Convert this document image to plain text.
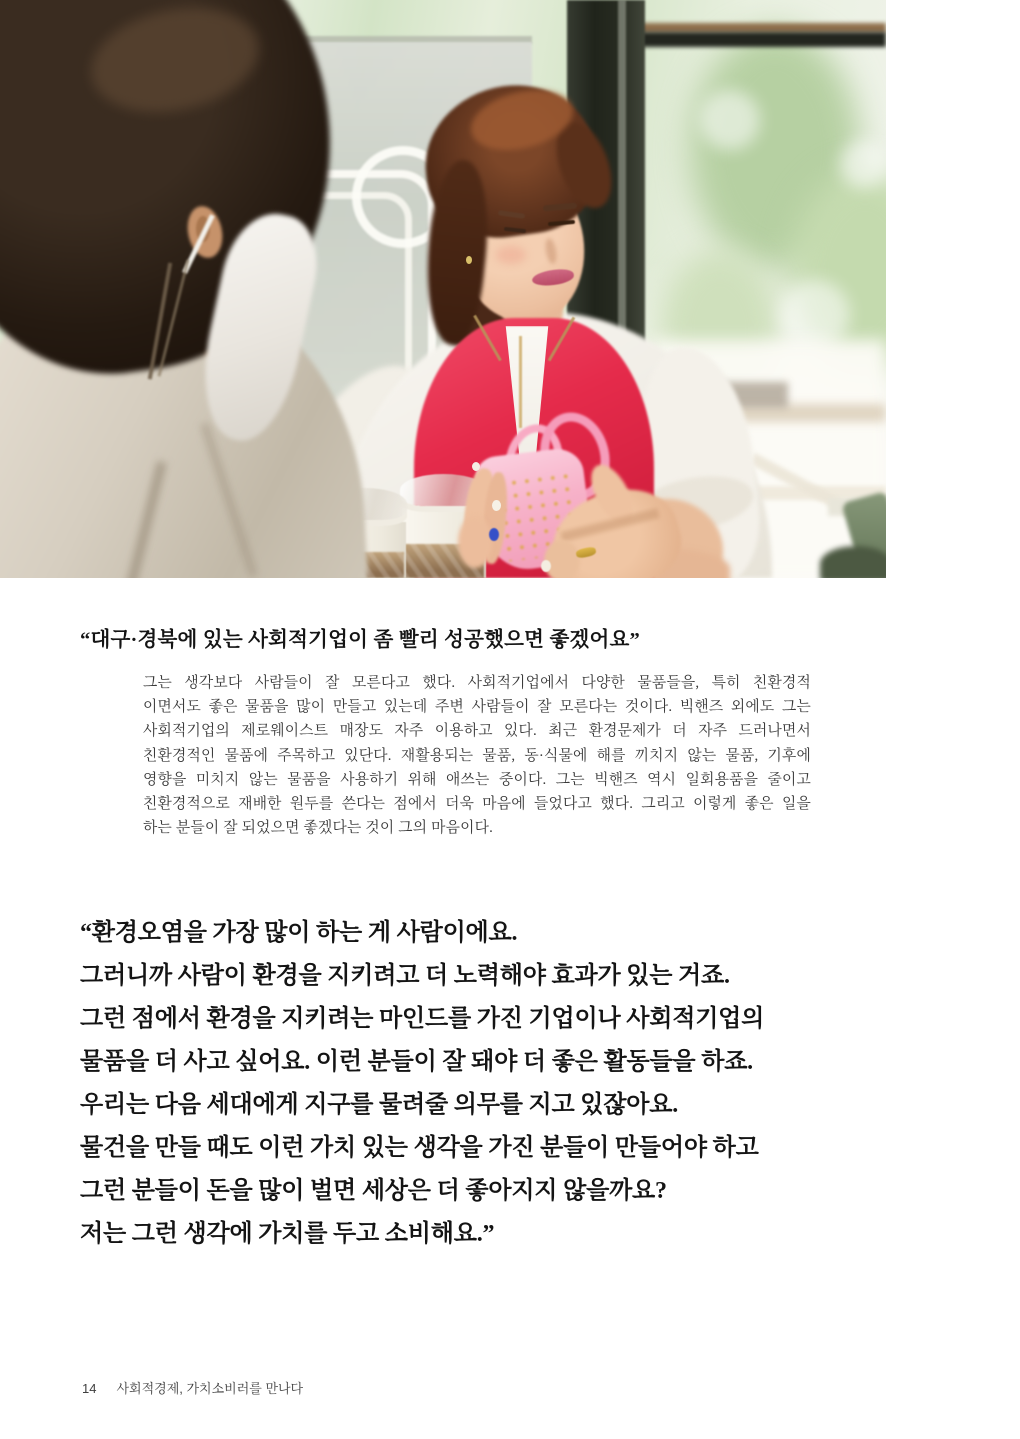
“대구·경북에 있는 사회적기업이 좀 빨리 성공했으면 좋겠어요”
그는 생각보다 사람들이 잘 모른다고 했다. 사회적기업에서 다양한 물품들을, 특히 친환경적
이면서도 좋은 물품을 많이 만들고 있는데 주변 사람들이 잘 모른다는 것이다. 빅핸즈 외에도 그는
사회적기업의 제로웨이스트 매장도 자주 이용하고 있다. 최근 환경문제가 더 자주 드러나면서
친환경적인 물품에 주목하고 있단다. 재활용되는 물품, 동·식물에 해를 끼치지 않는 물품, 기후에
영향을 미치지 않는 물품을 사용하기 위해 애쓰는 중이다. 그는 빅핸즈 역시 일회용품을 줄이고
친환경적으로 재배한 원두를 쓴다는 점에서 더욱 마음에 들었다고 했다. 그리고 이렇게 좋은 일을
하는 분들이 잘 되었으면 좋겠다는 것이 그의 마음이다.
“환경오염을 가장 많이 하는 게 사람이에요.
그러니까 사람이 환경을 지키려고 더 노력해야 효과가 있는 거죠.
그런 점에서 환경을 지키려는 마인드를 가진 기업이나 사회적기업의
물품을 더 사고 싶어요. 이런 분들이 잘 돼야 더 좋은 활동들을 하죠.
우리는 다음 세대에게 지구를 물려줄 의무를 지고 있잖아요.
물건을 만들 때도 이런 가치 있는 생각을 가진 분들이 만들어야 하고
그런 분들이 돈을 많이 벌면 세상은 더 좋아지지 않을까요?
저는 그런 생각에 가치를 두고 소비해요.”
14 사회적경제, 가치소비러를 만나다
